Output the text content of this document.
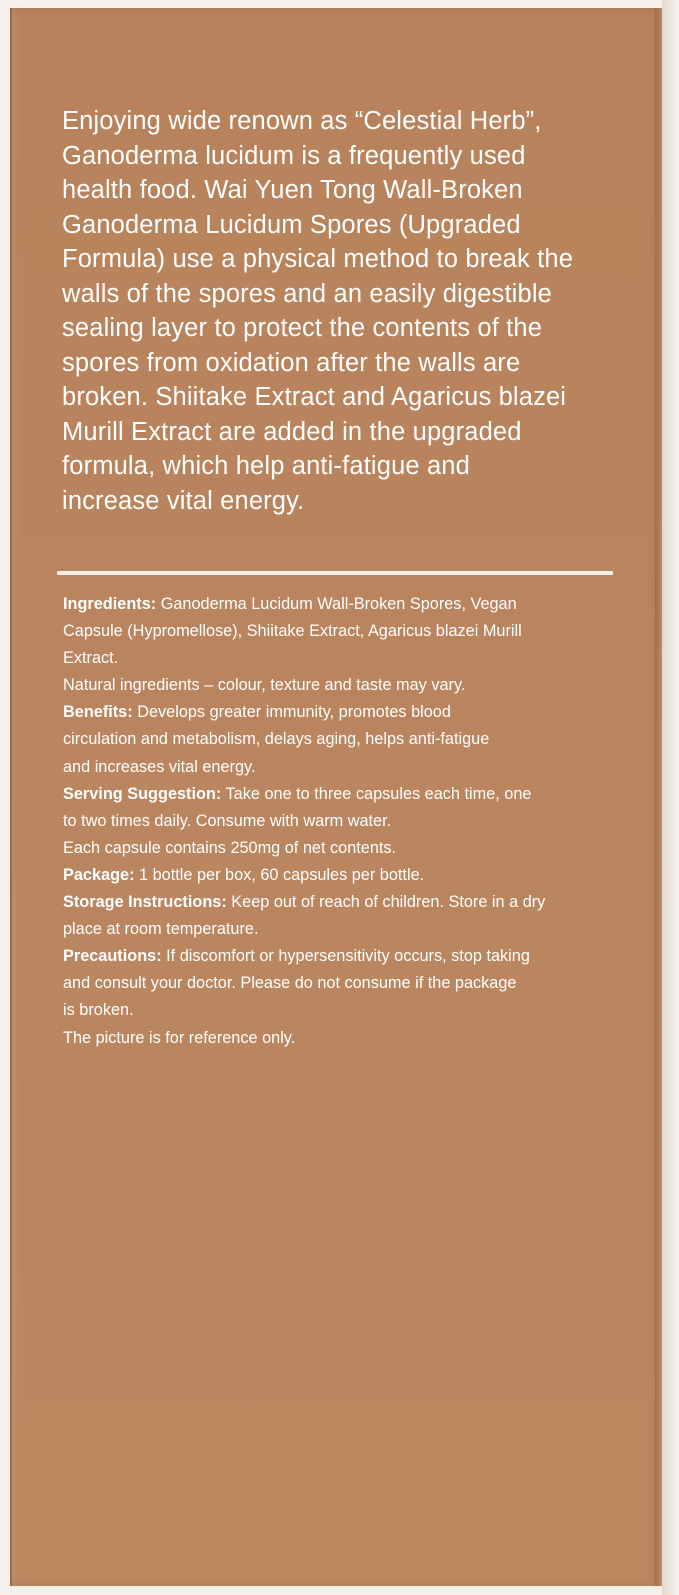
Enjoying wide renown as “Celestial Herb”,
Ganoderma lucidum is a frequently used
health food. Wai Yuen Tong Wall-Broken
Ganoderma Lucidum Spores (Upgraded
Formula) use a physical method to break the
walls of the spores and an easily digestible
sealing layer to protect the contents of the
spores from oxidation after the walls are
broken. Shiitake Extract and Agaricus blazei
Murill Extract are added in the upgraded
formula, which help anti-fatigue and
increase vital energy.

Ingredients: Ganoderma Lucidum Wall-Broken Spores, Vegan
Capsule (Hypromellose), Shiitake Extract, Agaricus blazei Murill
Extract.

Natural ingredients – colour, texture and taste may vary.

Benefits: Develops greater immunity, promotes blood
circulation and metabolism, delays aging, helps anti-fatigue
and increases vital energy.

Serving Suggestion: Take one to three capsules each time, one
to two times daily. Consume with warm water.
Each capsule contains 250mg of net contents.

Package: 1 bottle per box, 60 capsules per bottle.

Storage Instructions: Keep out of reach of children. Store in a dry
place at room temperature.

Precautions: If discomfort or hypersensitivity occurs, stop taking
and consult your doctor. Please do not consume if the package
is broken.

The picture is for reference only.
